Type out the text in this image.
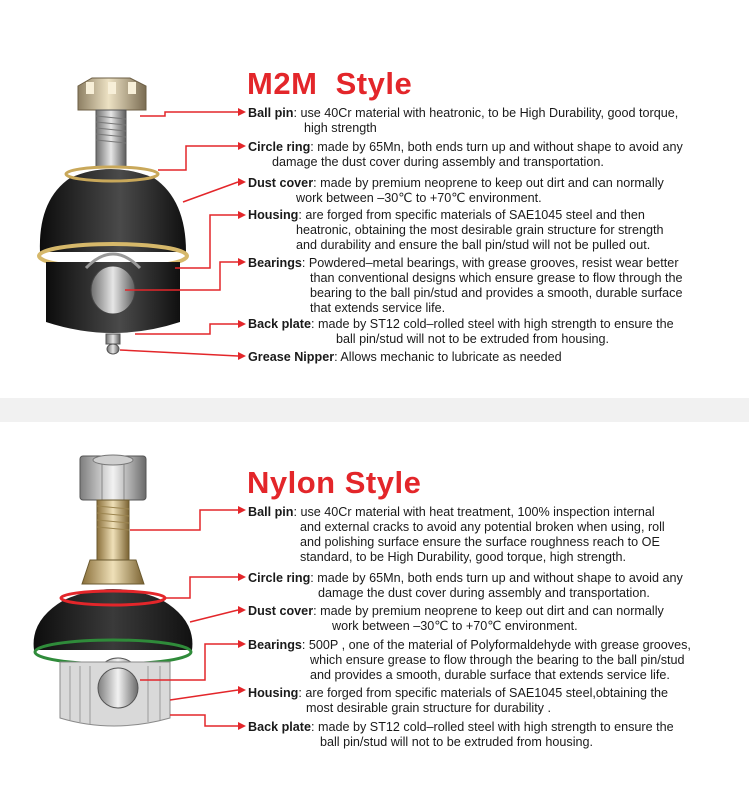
M2M  Style
Ball pin: use 40Cr material with heatronic, to be High Durability, good torque,
high strength
Circle ring: made by 65Mn, both ends turn up and without shape to avoid any
damage the dust cover during assembly and transportation.
Dust cover: made by premium neoprene to keep out dirt and can normally
work between –30℃ to +70℃ environment.
Housing: are forged from specific materials of SAE1045 steel and then
heatronic, obtaining the most desirable grain structure for strength
and durability and ensure the ball pin/stud will not be pulled out.
Bearings: Powdered–metal bearings, with grease grooves, resist wear better
than conventional designs which ensure grease to flow through the
bearing to the ball pin/stud and provides a smooth, durable surface
that extends service life.
Back plate: made by ST12 cold–rolled steel with high strength to ensure the
ball pin/stud will not to be extruded from housing.
Grease Nipper: Allows mechanic to lubricate as needed
Nylon Style
Ball pin: use 40Cr material with heat treatment, 100% inspection internal
and external cracks to avoid any potential broken when using, roll
and polishing surface ensure the surface roughness reach to OE
standard, to be High Durability, good torque, high strength.
Circle ring: made by 65Mn, both ends turn up and without shape to avoid any
damage the dust cover during assembly and transportation.
Dust cover: made by premium neoprene to keep out dirt and can normally
work between –30℃ to +70℃ environment.
Bearings: 500P , one of the material of Polyformaldehyde with grease grooves,
which ensure grease to flow through the bearing to the ball pin/stud
and provides a smooth, durable surface that extends service life.
Housing: are forged from specific materials of SAE1045 steel,obtaining the
most desirable grain structure for durability .
Back plate: made by ST12 cold–rolled steel with high strength to ensure the
ball pin/stud will not to be extruded from housing.
